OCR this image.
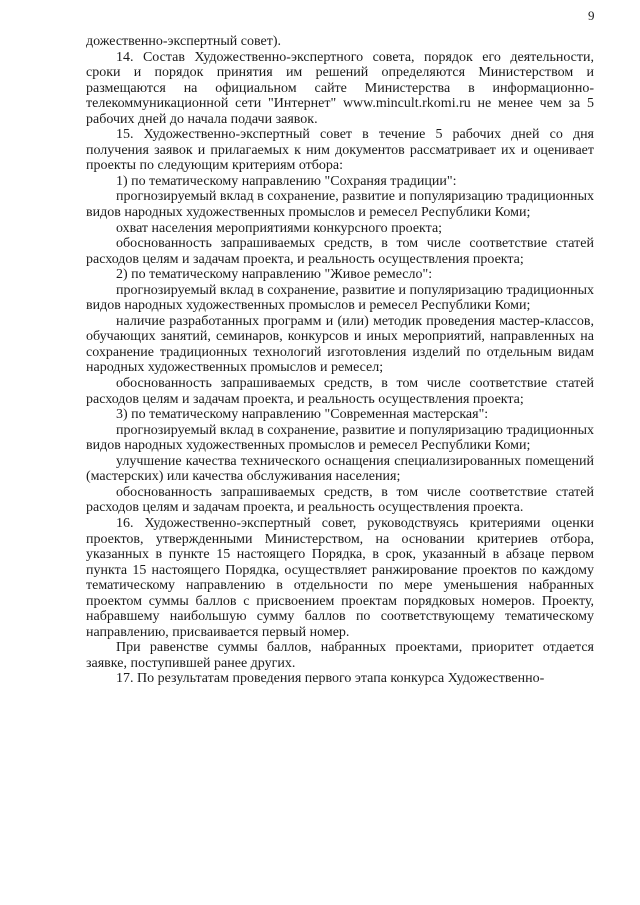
9

дожественно-экспертный совет).

14. Состав Художественно-экспертного совета, порядок его деятельности, сроки и порядок принятия им решений определяются Министерством и размещаются на официальном сайте Министерства в информационно-телекоммуникационной сети "Интернет" www.mincult.rkomi.ru не менее чем за 5 рабочих дней до начала подачи заявок.

15. Художественно-экспертный совет в течение 5 рабочих дней со дня получения заявок и прилагаемых к ним документов рассматривает их и оценивает проекты по следующим критериям отбора:

1) по тематическому направлению "Сохраняя традиции":

прогнозируемый вклад в сохранение, развитие и популяризацию традиционных видов народных художественных промыслов и ремесел Республики Коми;

охват населения мероприятиями конкурсного проекта;

обоснованность запрашиваемых средств, в том числе соответствие статей расходов целям и задачам проекта, и реальность осуществления проекта;

2) по тематическому направлению "Живое ремесло":

прогнозируемый вклад в сохранение, развитие и популяризацию традиционных видов народных художественных промыслов и ремесел Республики Коми;

наличие разработанных программ и (или) методик проведения мастер-классов, обучающих занятий, семинаров, конкурсов и иных мероприятий, направленных на сохранение традиционных технологий изготовления изделий по отдельным видам народных художественных промыслов и ремесел;

обоснованность запрашиваемых средств, в том числе соответствие статей расходов целям и задачам проекта, и реальность осуществления проекта;

3) по тематическому направлению "Современная мастерская":

прогнозируемый вклад в сохранение, развитие и популяризацию традиционных видов народных художественных промыслов и ремесел Республики Коми;

улучшение качества технического оснащения специализированных помещений (мастерских) или качества обслуживания населения;

обоснованность запрашиваемых средств, в том числе соответствие статей расходов целям и задачам проекта, и реальность осуществления проекта.

16. Художественно-экспертный совет, руководствуясь критериями оценки проектов, утвержденными Министерством, на основании критериев отбора, указанных в пункте 15 настоящего Порядка, в срок, указанный в абзаце первом пункта 15 настоящего Порядка, осуществляет ранжирование проектов по каждому тематическому направлению в отдельности по мере уменьшения набранных проектом суммы баллов с присвоением проектам порядковых номеров. Проекту, набравшему наибольшую сумму баллов по соответствующему тематическому направлению, присваивается первый номер.

При равенстве суммы баллов, набранных проектами, приоритет отдается заявке, поступившей ранее других.

17. По результатам проведения первого этапа конкурса Художественно-
